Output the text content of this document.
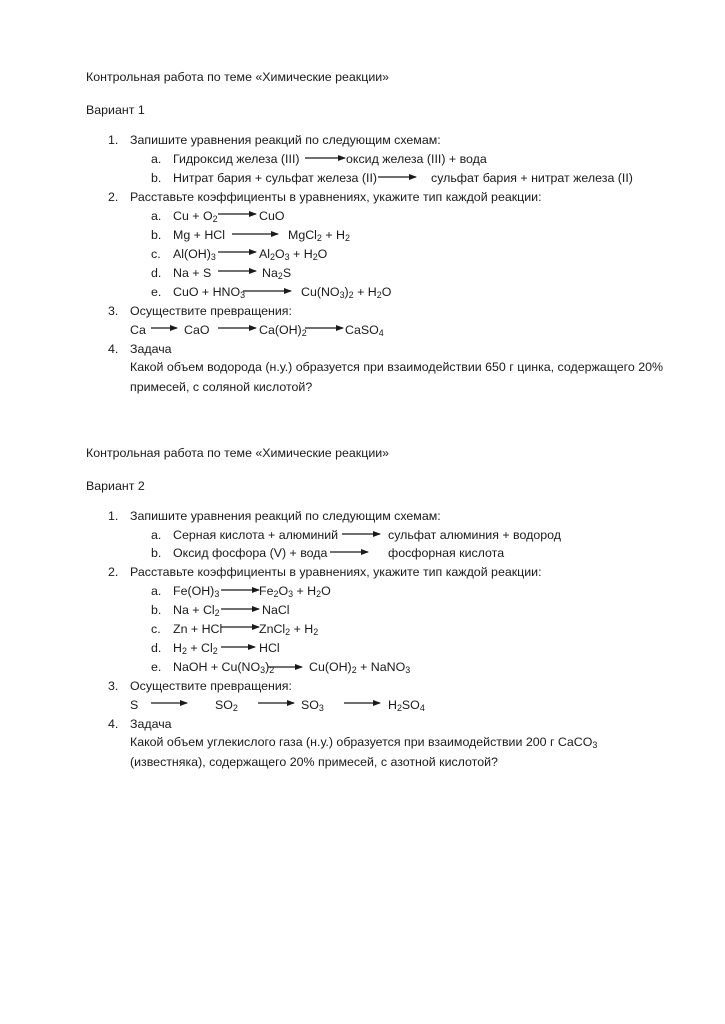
Контрольная работа по теме «Химические реакции»
Вариант 1
1. Запишите уравнения реакций по следующим схемам:
a. Гидроксид железа (III) → оксид железа (III) + вода
b. Нитрат бария + сульфат железа (II) → сульфат бария + нитрат железа (II)
2. Расставьте коэффициенты в уравнениях, укажите тип каждой реакции:
a. $Cu + O_2$ → CuO
b. Mg + HCl → MgCl$_2$ + $H_2$
c. $Al(OH)_3 \to Al_2O_3 + H_2O$
d. $Na + S \to Na_2S$
e. CuO + $HNO_3 \to Cu(NO_3)_2 + H_2O$
3. Осуществите превращения:
Ca → CaO → $Ca(OH)_2$	CaSO$_4$
4. Задача
Какой объем водорода (н.у.) образуется при взаимодействии 650 г цинка, содержащего 20% примесей, с соляной кислотой?
Контрольная работа по теме «Химические реакции»
Вариант 2
1. Запишите уравнения реакций по следующим схемам:
a. Серная кислота + алюминий → сульфат алюминия + водород
b. Оксид фосфора (V) + вода → фосфорная кислота
2. Расставьте коэффициенты в уравнениях, укажите тип каждой реакции:
a. $Fe(OH)_3$ →
$Fe_2O_3 + H_2O$
b. $Na + Cl_2$ → NaCl
c. Zn + HCl	ZnCl$_2$ + $H_2$
d. $H_2 + Cl_2$ →
HCl
e. NaOH + $Cu(NO_3)_2 \to Cu(OH)_2$ + NaNO$_3$
3. Осуществите превращения:
$S \to SO_2 \to SO_3 \to H_2SO_4$
4. Задача
Какой объем углекислого газа (н.у.) образуется при взаимодействии 200 г CaCO$_3$ (известняка), содержащего 20% примесей, с азотной кислотой?
